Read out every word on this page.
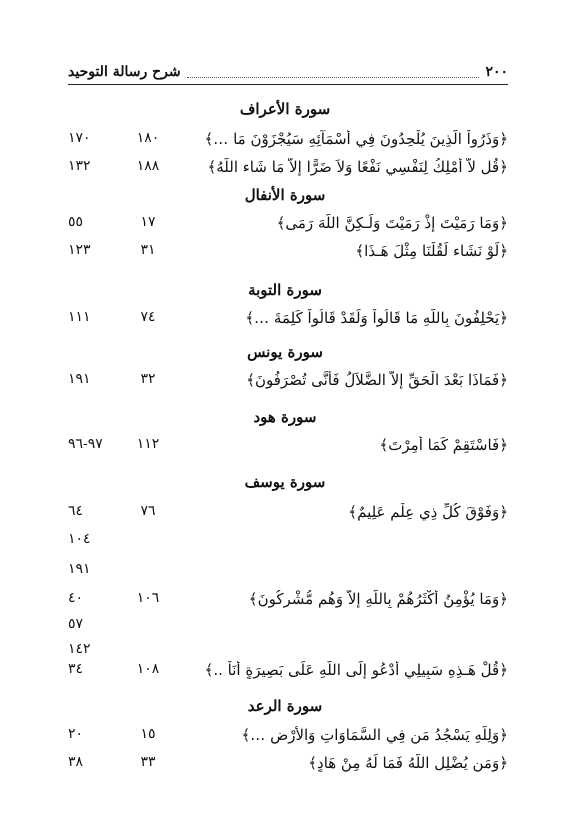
٢٠٠
شرح رسالة التوحيد
سورة الأعراف
﴿وَذَرُواْ الَّذِينَ يُلْحِدُونَ فِي أَسْمَآئِهِ سَيُجْزَوْنَ مَا …﴾
١٨٠
١٧٠
﴿قُل لاَّ أَمْلِكُ لِنَفْسِي نَفْعًا وَلاَ ضَرًّا إِلاَّ مَا شَاء اللّهُ﴾
١٨٨
١٣٢
سورة الأنفال
﴿وَمَا رَمَيْتَ إِذْ رَمَيْتَ وَلَـكِنَّ اللّهَ رَمَى﴾
١٧
٥٥
﴿لَوْ نَشَاء لَقُلْنَا مِثْلَ هَـذَا﴾
٣١
١٢٣
سورة التوبة
﴿يَحْلِفُونَ بِاللّهِ مَا قَالُواْ وَلَقَدْ قَالُواْ كَلِمَةَ …﴾
٧٤
١١١
سورة يونس
﴿فَمَاذَا بَعْدَ الْحَقِّ إِلاَّ الضَّلاَلُ فَأَنَّى تُصْرَفُونَ﴾
٣٢
١٩١
سورة هود
﴿فَاسْتَقِمْ كَمَا أُمِرْتَ﴾
١١٢
٩٧-٩٦
سورة يوسف
﴿وَفَوْقَ كُلِّ ذِي عِلْمٍ عَلِيمٌ﴾
٧٦
٦٤
١٠٤
١٩١
﴿وَمَا يُؤْمِنُ أَكْثَرُهُمْ بِاللّهِ إِلاَّ وَهُم مُّشْرِكُونَ﴾
١٠٦
٤٠
٥٧
١٤٢
﴿قُلْ هَـذِهِ سَبِيلِي أَدْعُو إِلَى اللّهِ عَلَى بَصِيرَةٍ أَنَاْ ..﴾
١٠٨
٣٤
سورة الرعد
﴿وَلِلّهِ يَسْجُدُ مَن فِي السَّمَاوَاتِ وَالأَرْضِ …﴾
١٥
٢٠
﴿وَمَن يُضْلِلِ اللّهُ فَمَا لَهُ مِنْ هَادٍ﴾
٣٣
٣٨
